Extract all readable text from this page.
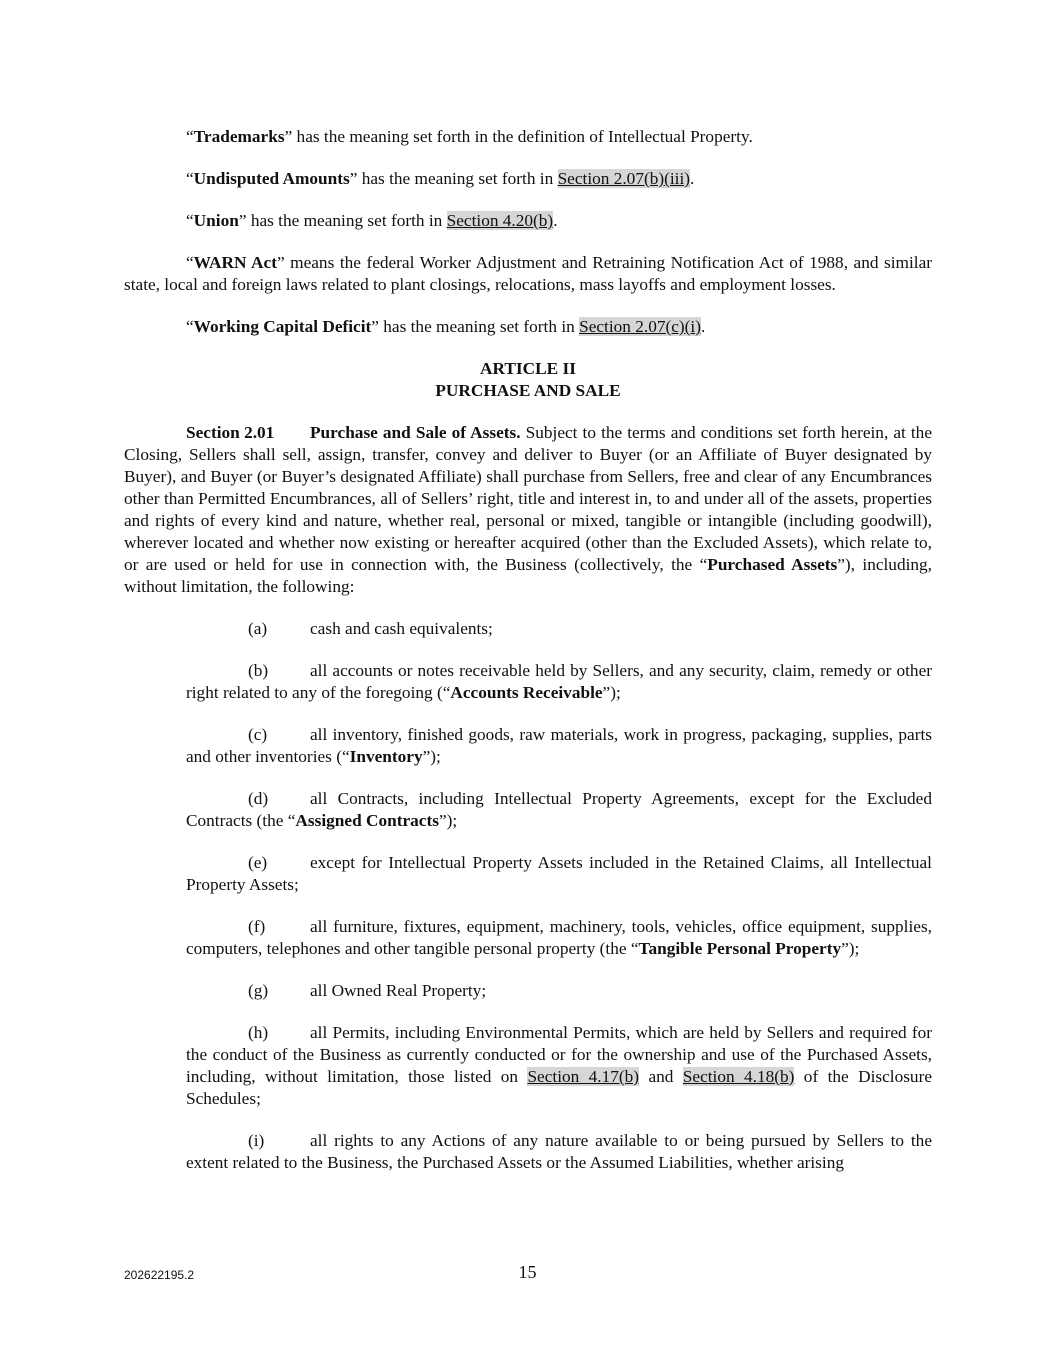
“Trademarks” has the meaning set forth in the definition of Intellectual Property.

“Undisputed Amounts” has the meaning set forth in Section 2.07(b)(iii).

“Union” has the meaning set forth in Section 4.20(b).

“WARN Act” means the federal Worker Adjustment and Retraining Notification Act of 1988, and similar state, local and foreign laws related to plant closings, relocations, mass layoffs and employment losses.

“Working Capital Deficit” has the meaning set forth in Section 2.07(c)(i).

ARTICLE II
PURCHASE AND SALE

Section 2.01 Purchase and Sale of Assets. Subject to the terms and conditions set forth herein, at the Closing, Sellers shall sell, assign, transfer, convey and deliver to Buyer (or an Affiliate of Buyer designated by Buyer), and Buyer (or Buyer’s designated Affiliate) shall purchase from Sellers, free and clear of any Encumbrances other than Permitted Encumbrances, all of Sellers’ right, title and interest in, to and under all of the assets, properties and rights of every kind and nature, whether real, personal or mixed, tangible or intangible (including goodwill), wherever located and whether now existing or hereafter acquired (other than the Excluded Assets), which relate to, or are used or held for use in connection with, the Business (collectively, the “Purchased Assets”), including, without limitation, the following:

(a) cash and cash equivalents;

(b) all accounts or notes receivable held by Sellers, and any security, claim, remedy or other right related to any of the foregoing (“Accounts Receivable”);

(c) all inventory, finished goods, raw materials, work in progress, packaging, supplies, parts and other inventories (“Inventory”);

(d) all Contracts, including Intellectual Property Agreements, except for the Excluded Contracts (the “Assigned Contracts”);

(e) except for Intellectual Property Assets included in the Retained Claims, all Intellectual Property Assets;

(f)	all furniture, fixtures, equipment, machinery, tools, vehicles, office equipment, supplies, computers, telephones and other tangible personal property (the “Tangible Personal Property”);

(g) all Owned Real Property;

(h) all Permits, including Environmental Permits, which are held by Sellers and required for the conduct of the Business as currently conducted or for the ownership and use of the Purchased Assets, including, without limitation, those listed on Section 4.17(b) and Section 4.18(b) of the Disclosure Schedules;

(i)	all rights to any Actions of any nature available to or being pursued by Sellers to the extent related to the Business, the Purchased Assets or the Assumed Liabilities, whether arising

202622195.2	15
